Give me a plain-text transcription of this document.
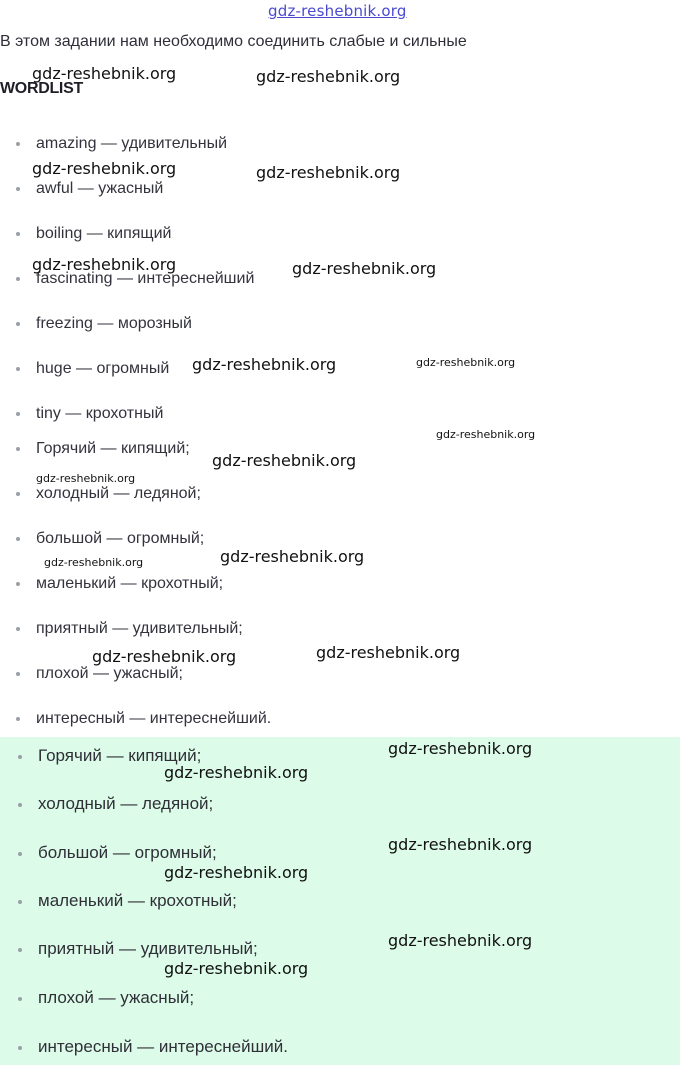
gdz-reshebnik.org
В этом задании нам необходимо соединить слабые и сильные
WORDLIST
amazing — удивительный
awful — ужасный
boiling — кипящий
fascinating — интереснейший
freezing — морозный
huge — огромный
tiny — крохотный
Горячий — кипящий;
холодный — ледяной;
большой — огромный;
маленький — крохотный;
приятный — удивительный;
плохой — ужасный;
интересный — интереснейший.
Горячий — кипящий;
холодный — ледяной;
большой — огромный;
маленький — крохотный;
приятный — удивительный;
плохой — ужасный;
интересный — интереснейший.
gdz-reshebnik.org	gdz-reshebnik.org
gdz-reshebnik.org	gdz-reshebnik.org
gdz-reshebnik.org	gdz-reshebnik.org
gdz-reshebnik.org	gdz-reshebnik.org
gdz-reshebnik.org
gdz-reshebnik.org
gdz-reshebnik.org
gdz-reshebnik.org
gdz-reshebnik.org
gdz-reshebnik.org	gdz-reshebnik.org
gdz-reshebnik.org
gdz-reshebnik.org
gdz-reshebnik.org
gdz-reshebnik.org
gdz-reshebnik.org
gdz-reshebnik.org
